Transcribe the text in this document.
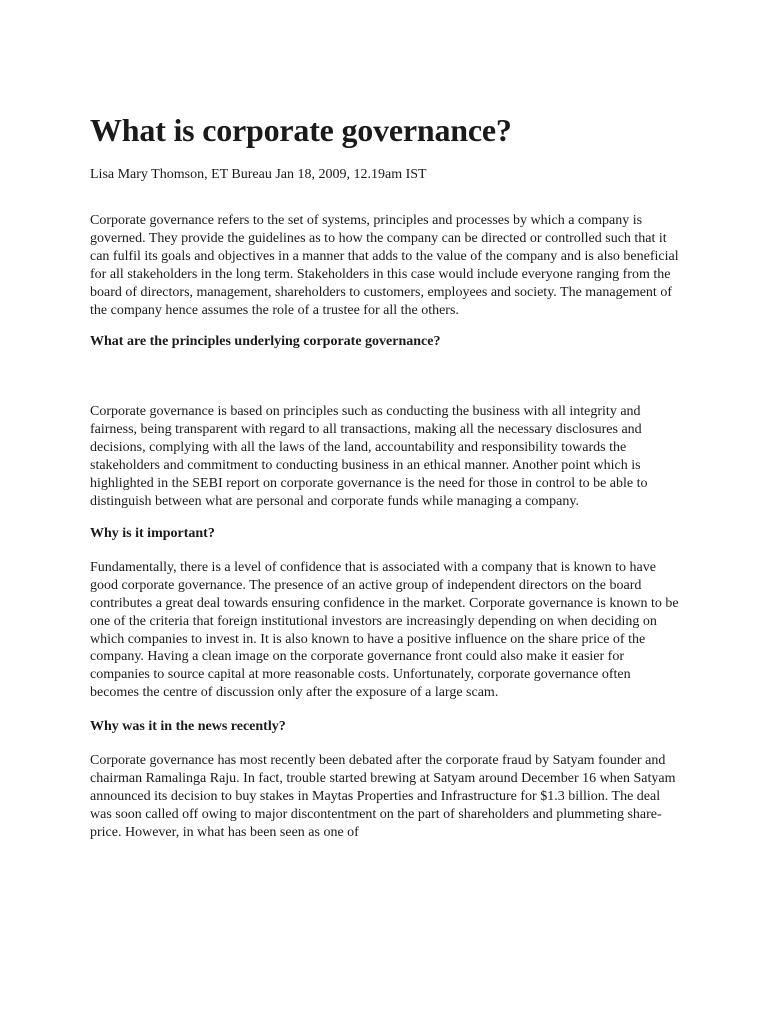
What is corporate governance?

Lisa Mary Thomson, ET Bureau Jan 18, 2009, 12.19am IST

Corporate governance refers to the set of systems, principles and processes by which a company is governed. They provide the guidelines as to how the company can be directed or controlled such that it can fulfil its goals and objectives in a manner that adds to the value of the company and is also beneficial for all stakeholders in the long term. Stakeholders in this case would include everyone ranging from the board of directors, management, shareholders to customers, employees and society. The management of the company hence assumes the role of a trustee for all the others.

What are the principles underlying corporate governance?

Corporate governance is based on principles such as conducting the business with all integrity and fairness, being transparent with regard to all transactions, making all the necessary disclosures and decisions, complying with all the laws of the land, accountability and responsibility towards the stakeholders and commitment to conducting business in an ethical manner. Another point which is highlighted in the SEBI report on corporate governance is the need for those in control to be able to distinguish between what are personal and corporate funds while managing a company.

Why is it important?

Fundamentally, there is a level of confidence that is associated with a company that is known to have good corporate governance. The presence of an active group of independent directors on the board contributes a great deal towards ensuring confidence in the market. Corporate governance is known to be one of the criteria that foreign institutional investors are increasingly depending on when deciding on which companies to invest in. It is also known to have a positive influence on the share price of the company. Having a clean image on the corporate governance front could also make it easier for companies to source capital at more reasonable costs. Unfortunately, corporate governance often becomes the centre of discussion only after the exposure of a large scam.

Why was it in the news recently?

Corporate governance has most recently been debated after the corporate fraud by Satyam founder and chairman Ramalinga Raju. In fact, trouble started brewing at Satyam around December 16 when Satyam announced its decision to buy stakes in Maytas Properties and Infrastructure for $1.3 billion. The deal was soon called off owing to major discontentment on the part of shareholders and plummeting share-price. However, in what has been seen as one of
